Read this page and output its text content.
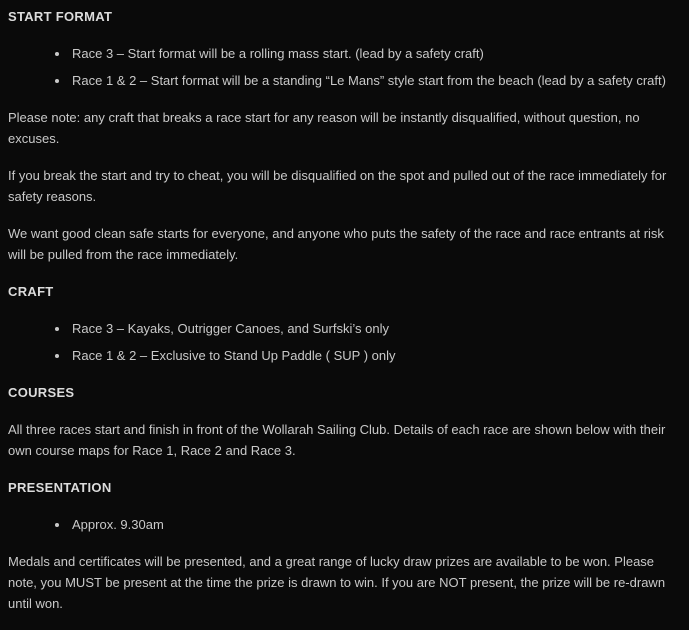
START FORMAT
• Race 3 – Start format will be a rolling mass start. (lead by a safety craft)
• Race 1 & 2 – Start format will be a standing “Le Mans” style start from the beach (lead by a safety craft)

Please note: any craft that breaks a race start for any reason will be instantly disqualified, without question, no excuses.

If you break the start and try to cheat, you will be disqualified on the spot and pulled out of the race immediately for safety reasons.

We want good clean safe starts for everyone, and anyone who puts the safety of the race and race entrants at risk will be pulled from the race immediately.

CRAFT
• Race 3 – Kayaks, Outrigger Canoes, and Surfski’s only
• Race 1 & 2 – Exclusive to Stand Up Paddle ( SUP ) only
COURSES

All three races start and finish in front of the Wollarah Sailing Club. Details of each race are shown below with their own course maps for Race 1, Race 2 and Race 3.

PRESENTATION
• Approx. 9.30am

Medals and certificates will be presented, and a great range of lucky draw prizes are available to be won. Please note, you MUST be present at the time the prize is drawn to win. If you are NOT present, the prize will be re-drawn until won.
